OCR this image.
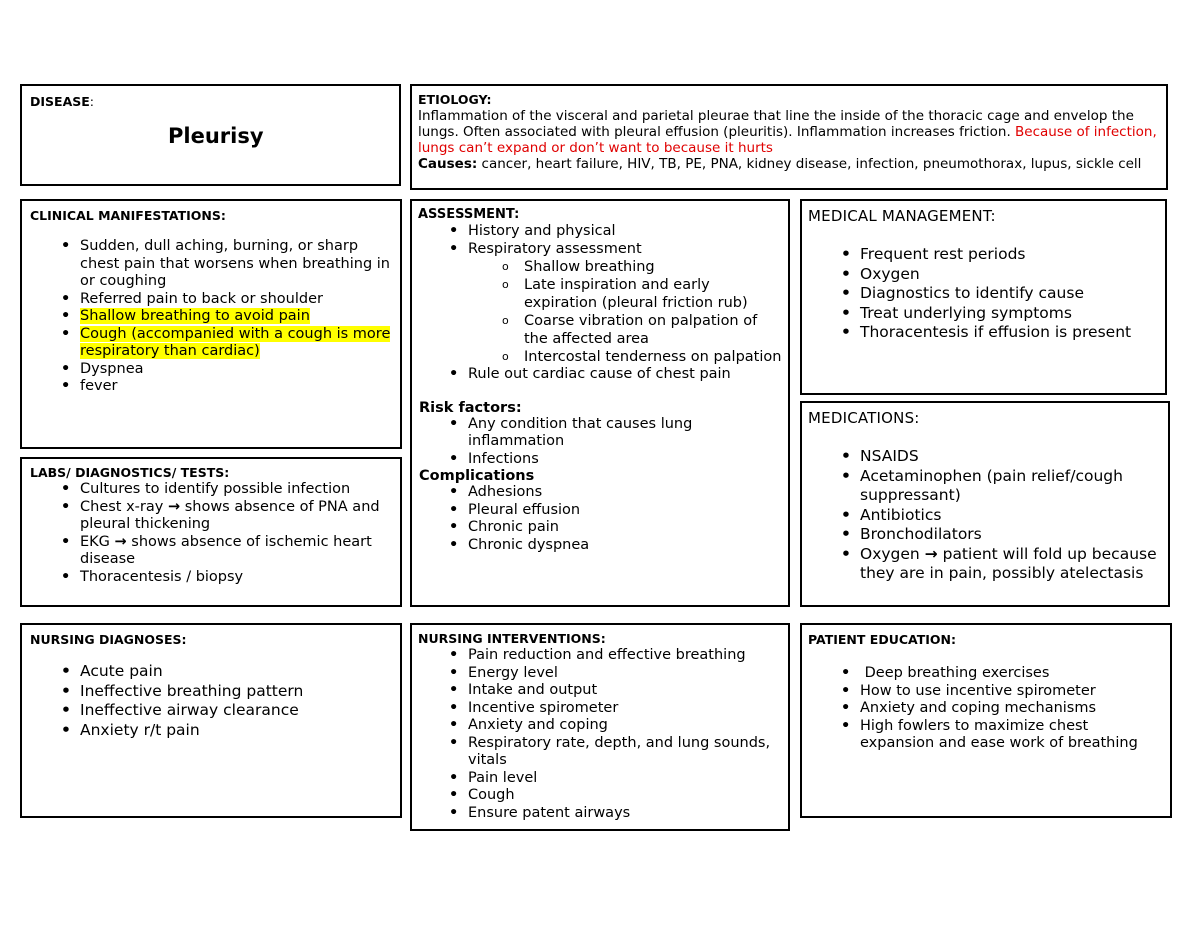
DISEASE:
Pleurisy
ETIOLOGY:
Inflammation of the visceral and parietal pleurae that line the inside of the thoracic cage and envelop the lungs. Often associated with pleural effusion (pleuritis). Inflammation increases friction. Because of infection, lungs can’t expand or don’t want to because it hurts
Causes: cancer, heart failure, HIV, TB, PE, PNA, kidney disease, infection, pneumothorax, lupus, sickle cell
CLINICAL MANIFESTATIONS:
• Sudden, dull aching, burning, or sharp chest pain that worsens when breathing in or coughing
• Referred pain to back or shoulder
• Shallow breathing to avoid pain
• Cough (accompanied with a cough is more respiratory than cardiac)
• Dyspnea
• fever
LABS/ DIAGNOSTICS/ TESTS:
• Cultures to identify possible infection
• Chest x-ray → shows absence of PNA and pleural thickening
• EKG → shows absence of ischemic heart disease
• Thoracentesis / biopsy
ASSESSMENT:
• History and physical
• Respiratory assessment
o Shallow breathing
o Late inspiration and early expiration (pleural friction rub)
o Coarse vibration on palpation of the affected area
o Intercostal tenderness on palpation
• Rule out cardiac cause of chest pain
Risk factors:
• Any condition that causes lung inflammation
• Infections
Complications
• Adhesions
• Pleural effusion
• Chronic pain
• Chronic dyspnea
MEDICAL MANAGEMENT:
• Frequent rest periods
• Oxygen
• Diagnostics to identify cause
• Treat underlying symptoms
• Thoracentesis if effusion is present
MEDICATIONS:
• NSAIDS
• Acetaminophen (pain relief/cough suppressant)
• Antibiotics
• Bronchodilators
• Oxygen → patient will fold up because they are in pain, possibly atelectasis
NURSING DIAGNOSES:
• Acute pain
• Ineffective breathing pattern
• Ineffective airway clearance
• Anxiety r/t pain
NURSING INTERVENTIONS:
• Pain reduction and effective breathing
• Energy level
• Intake and output
• Incentive spirometer
• Anxiety and coping
• Respiratory rate, depth, and lung sounds, vitals
• Pain level
• Cough
• Ensure patent airways
PATIENT EDUCATION:
•  Deep breathing exercises
• How to use incentive spirometer
• Anxiety and coping mechanisms
• High fowlers to maximize chest expansion and ease work of breathing
